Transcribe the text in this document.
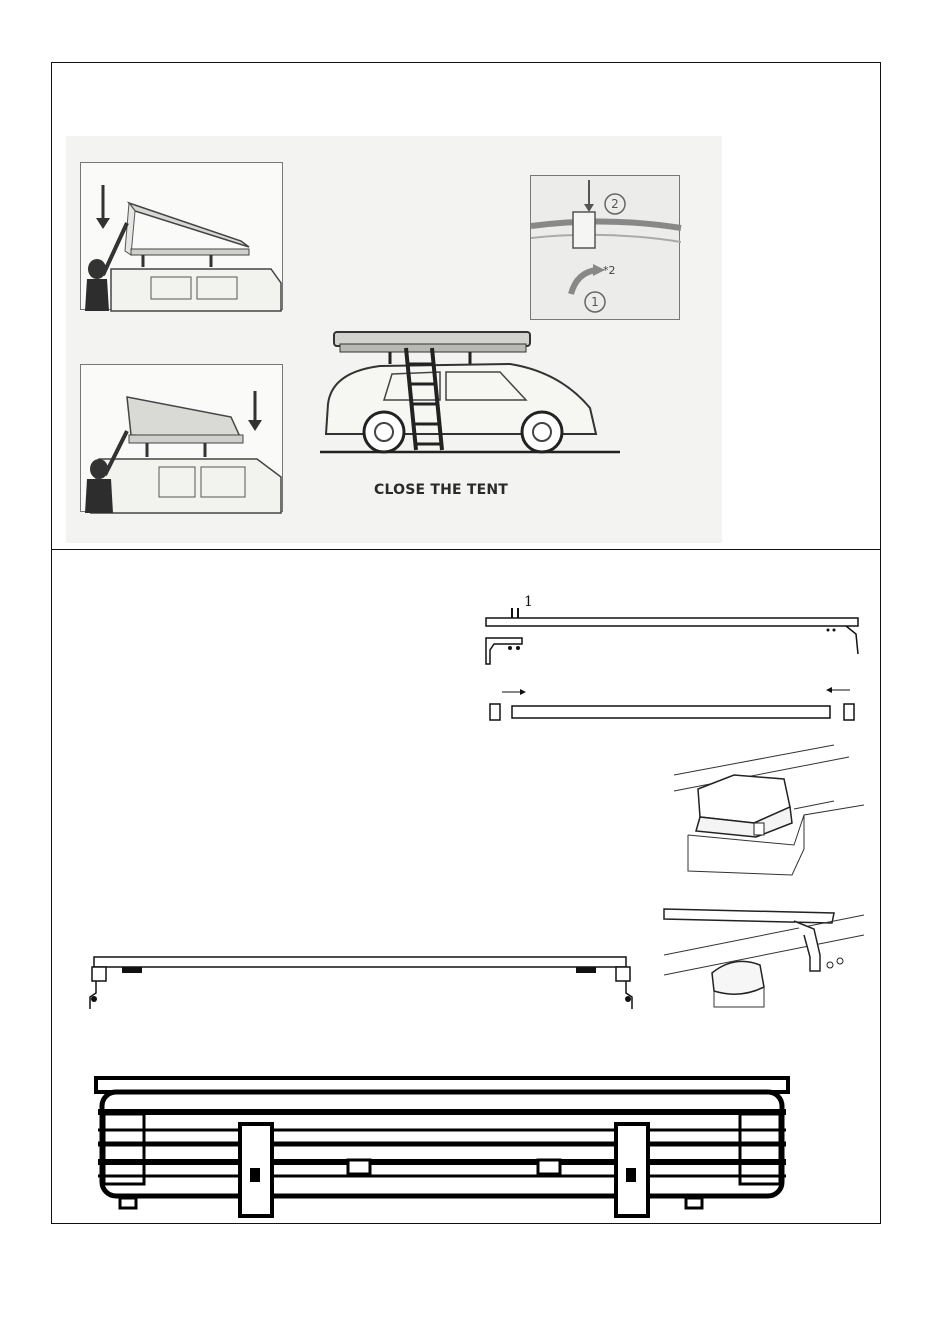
2
*2
1
CLOSE THE TENT
1
